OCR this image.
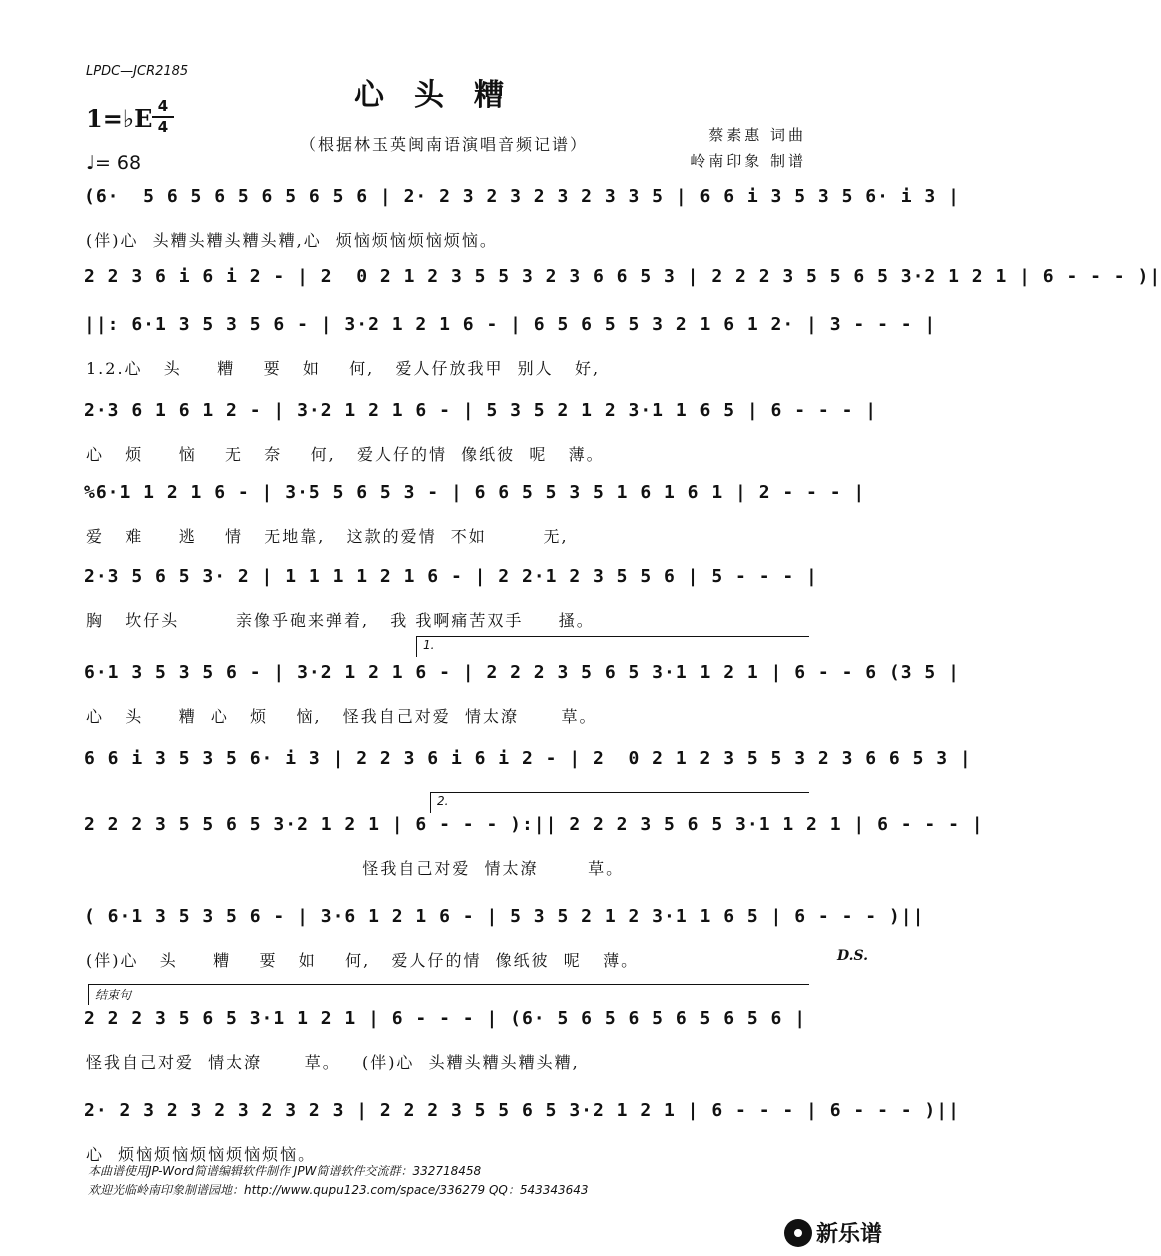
LPDC—JCR2185
心头糟
（根据林玉英闽南语演唱音频记谱）
1=♭E 4
4
♩= 68
蔡素惠 词曲
岭南印象 制谱
(6·  5 6 5 6 5 6 5 6 5 6 | 2· 2 3 2 3 2 3 2 3 3 5 | 6 6 i 3 5 3 5 6· i 3 |
(伴)心  头糟头糟头糟头糟,心  烦恼烦恼烦恼烦恼。
2 2 3 6 i 6 i 2 - | 2  0 2 1 2 3 5 5 3 2 3 6 6 5 3 | 2 2 2 3 5 5 6 5 3·2 1 2 1 | 6 - - - )|
||: 6·1 3 5 3 5 6 - | 3·2 1 2 1 6 - | 6 5 6 5 5 3 2 1 6 1 2· | 3 - - - |
1.2.心   头     糟    要   如    何,   爱人仔放我甲  别人   好,
2·3 6 1 6 1 2 - | 3·2 1 2 1 6 - | 5 3 5 2 1 2 3·1 1 6 5 | 6 - - - |
心   烦     恼    无   奈    何,   爱人仔的情  像纸彼  呢   薄。
%6·1 1 2 1 6 - | 3·5 5 6 5 3 - | 6 6 5 5 3 5 1 6 1 6 1 | 2 - - - |
爱   难     逃    情   无地靠,   这款的爱情  不如        无,
2·3 5 6 5 3· 2 | 1 1 1 1 2 1 6 - | 2 2·1 2 3 5 5 6 | 5 - - - |
胸   坎仔头        亲像乎砲来弹着,   我 我啊痛苦双手     搔。
1.
6·1 3 5 3 5 6 - | 3·2 1 2 1 6 - | 2 2 2 3 5 6 5 3·1 1 2 1 | 6 - - 6 (3 5 |
心   头     糟  心   烦    恼,   怪我自己对爱  情太潦      草。
6 6 i 3 5 3 5 6· i 3 | 2 2 3 6 i 6 i 2 - | 2  0 2 1 2 3 5 5 3 2 3 6 6 5 3 |
2.
2 2 2 3 5 5 6 5 3·2 1 2 1 | 6 - - - ):|| 2 2 2 3 5 6 5 3·1 1 2 1 | 6 - - - |
怪我自己对爱  情太潦       草。
( 6·1 3 5 3 5 6 - | 3·6 1 2 1 6 - | 5 3 5 2 1 2 3·1 1 6 5 | 6 - - - )||
(伴)心   头     糟    要   如    何,   爱人仔的情  像纸彼  呢   薄。	D.S.
结束句
2 2 2 3 5 6 5 3·1 1 2 1 | 6 - - - | (6· 5 6 5 6 5 6 5 6 5 6 |
怪我自己对爱  情太潦      草。   (伴)心  头糟头糟头糟头糟,
2· 2 3 2 3 2 3 2 3 2 3 | 2 2 2 3 5 5 6 5 3·2 1 2 1 | 6 - - - | 6 - - - )||
心  烦恼烦恼烦恼烦恼烦恼。
本曲谱使用JP-Word简谱编辑软件制作 JPW简谱软件交流群：332718458
欢迎光临岭南印象制谱园地：http://www.qupu123.com/space/336279 QQ：543343643
新乐谱
